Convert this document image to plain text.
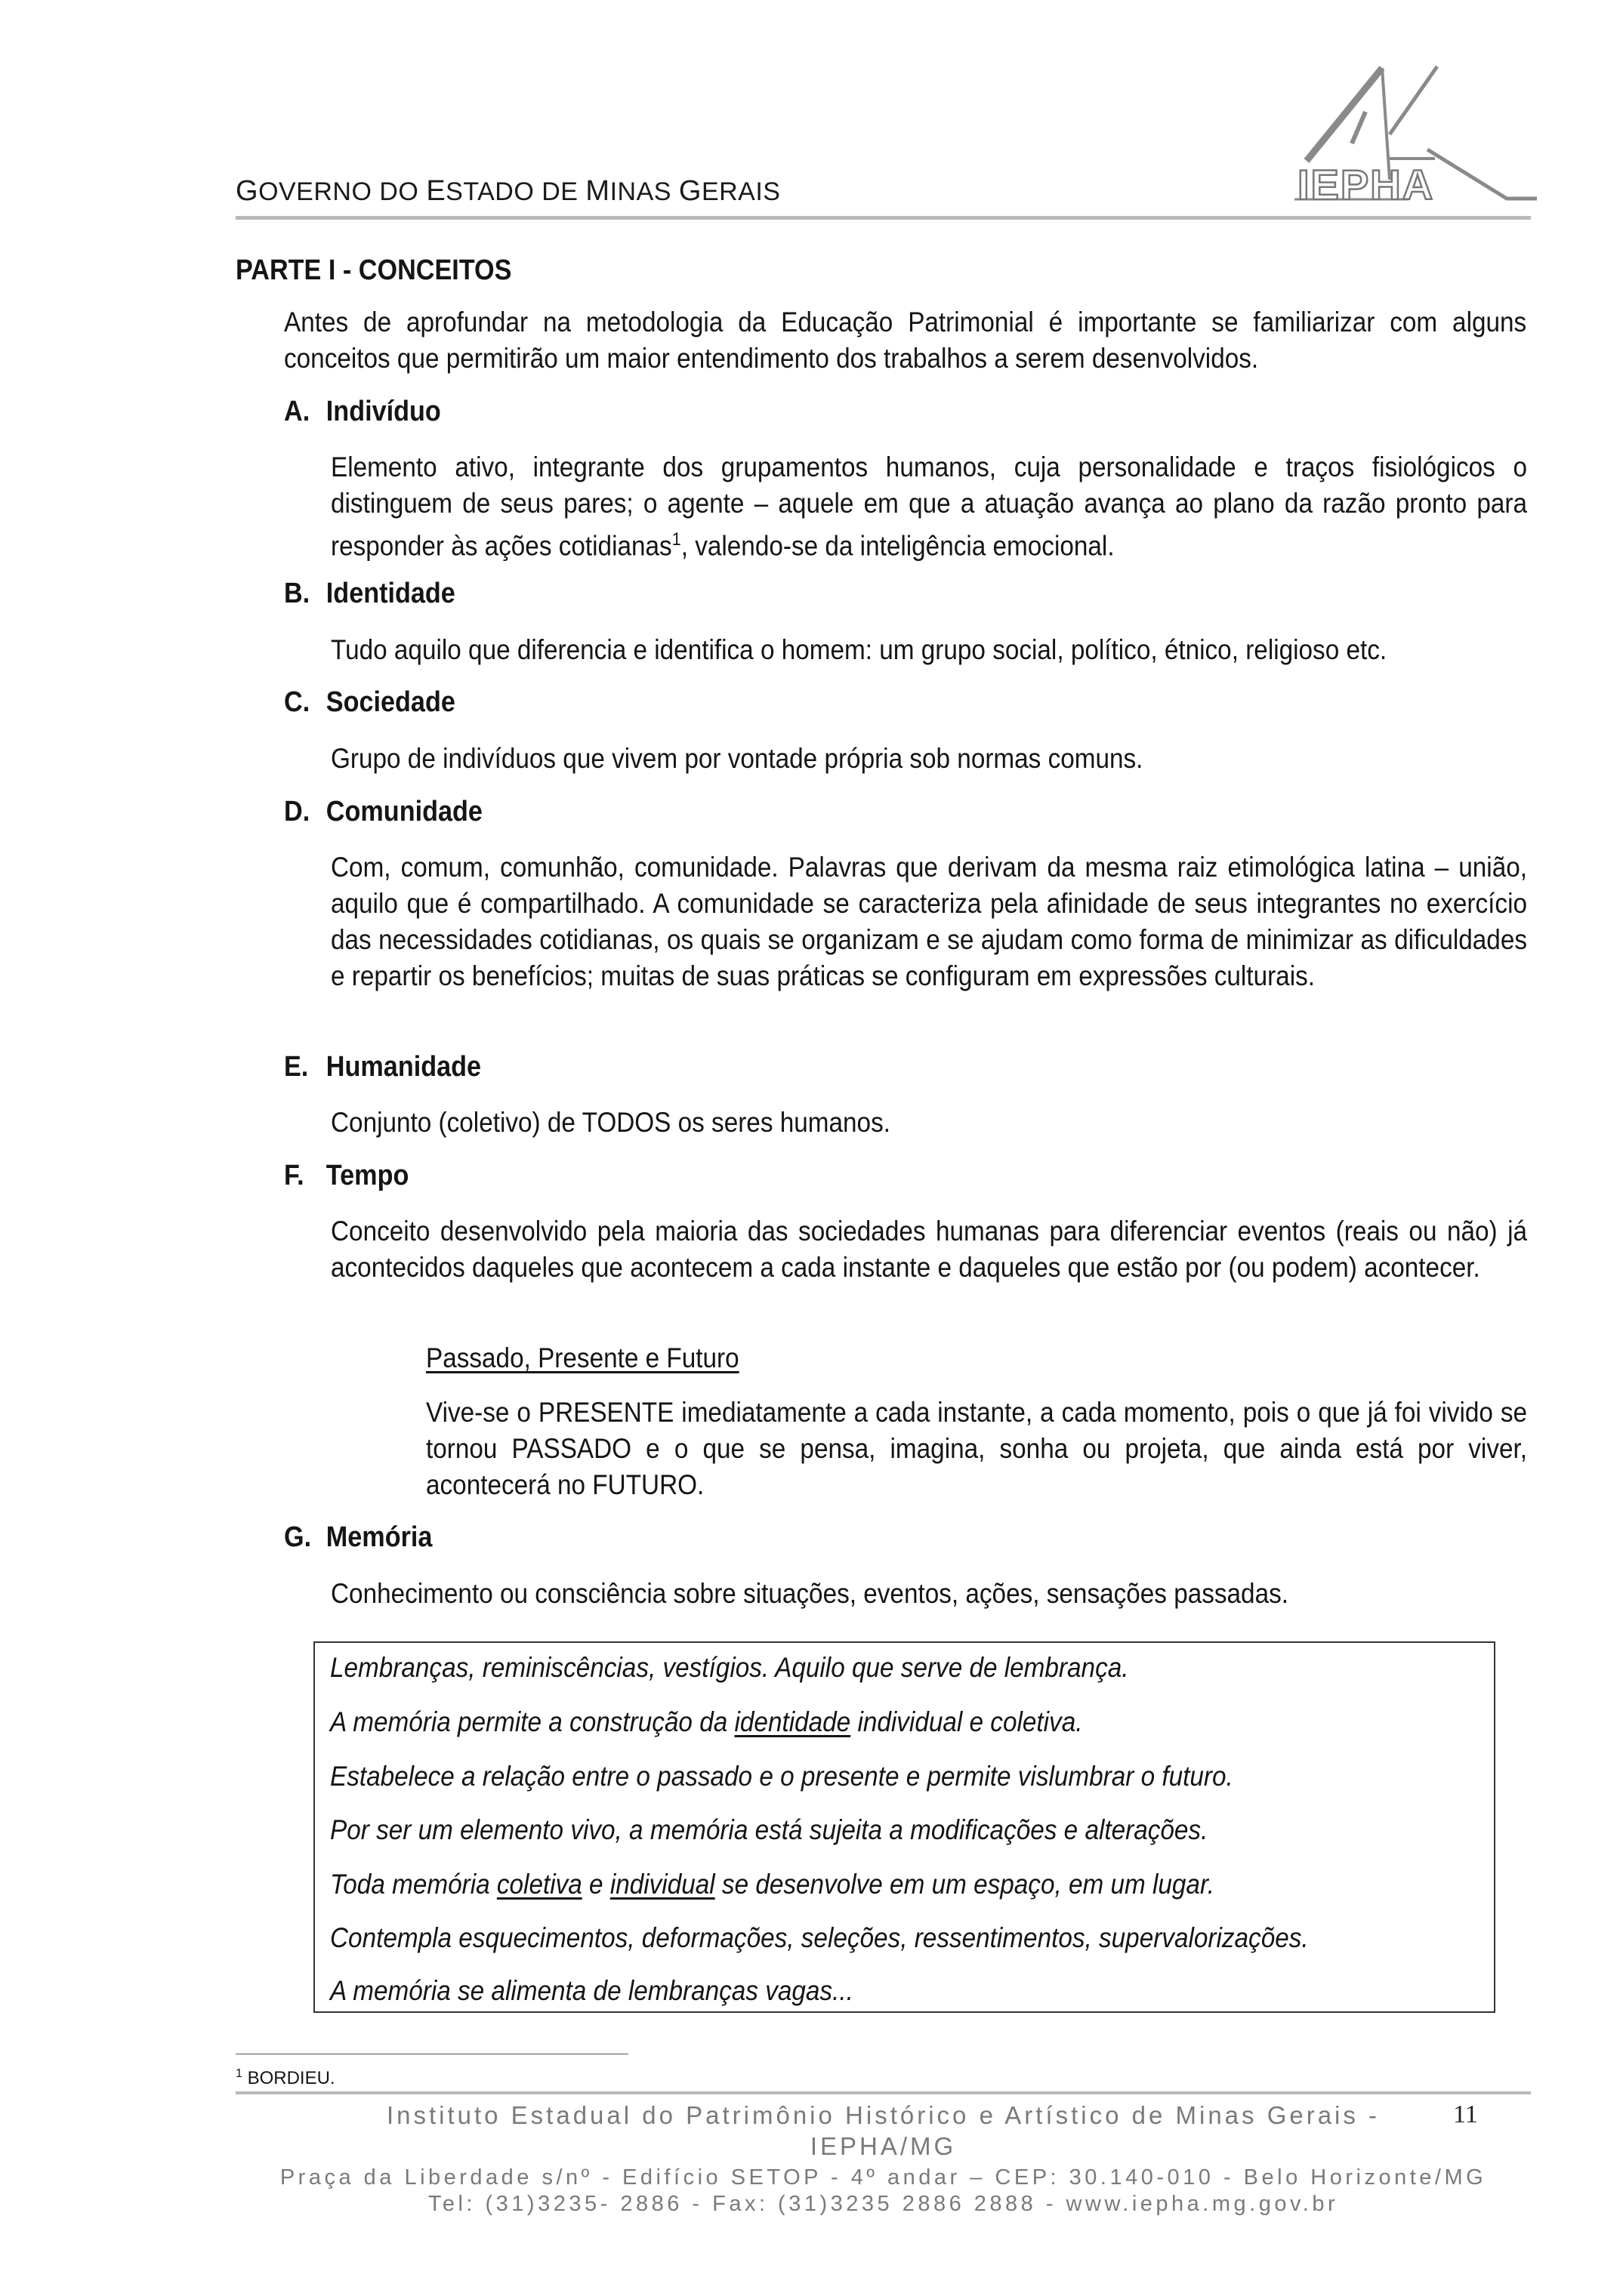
GOVERNO DO ESTADO DE MINAS GERAIS	IEPHA
PARTE I - CONCEITOS
Antes de aprofundar na metodologia da Educação Patrimonial é importante se familiarizar com alguns conceitos que permitirão um maior entendimento dos trabalhos a serem desenvolvidos.
A. Indivíduo
Elemento ativo, integrante dos grupamentos humanos, cuja personalidade e traços fisiológicos o distinguem de seus pares; o agente – aquele em que a atuação avança ao plano da razão pronto para responder às ações cotidianas$^1$, valendo-se da inteligência emocional.
B. Identidade
Tudo aquilo que diferencia e identifica o homem: um grupo social, político, étnico, religioso etc.
C. Sociedade
Grupo de indivíduos que vivem por vontade própria sob normas comuns.
D. Comunidade
Com, comum, comunhão, comunidade. Palavras que derivam da mesma raiz etimológica latina – união, aquilo que é compartilhado. A comunidade se caracteriza pela afinidade de seus integrantes no exercício das necessidades cotidianas, os quais se organizam e se ajudam como forma de minimizar as dificuldades e repartir os benefícios; muitas de suas práticas se configuram em expressões culturais.
E. Humanidade
Conjunto (coletivo) de TODOS os seres humanos.
F. Tempo
Conceito desenvolvido pela maioria das sociedades humanas para diferenciar eventos (reais ou não) já acontecidos daqueles que acontecem a cada instante e daqueles que estão por (ou podem) acontecer.
Passado, Presente e Futuro
Vive-se o PRESENTE imediatamente a cada instante, a cada momento, pois o que já foi vivido se tornou PASSADO e o que se pensa, imagina, sonha ou projeta, que ainda está por viver, acontecerá no FUTURO.
G. Memória
Conhecimento ou consciência sobre situações, eventos, ações, sensações passadas.
Lembranças, reminiscências, vestígios. Aquilo que serve de lembrança.
A memória permite a construção da identidade individual e coletiva.
Estabelece a relação entre o passado e o presente e permite vislumbrar o futuro.
Por ser um elemento vivo, a memória está sujeita a modificações e alterações.
Toda memória coletiva e individual se desenvolve em um espaço, em um lugar.
Contempla esquecimentos, deformações, seleções, ressentimentos, supervalorizações.
A memória se alimenta de lembranças vagas...
$^1$ BORDIEU.
Instituto Estadual do Patrimônio Histórico e Artístico de Minas Gerais -
IEPHA/MG
Praça da Liberdade s/nº - Edifício SETOP - 4º andar – CEP: 30.140-010 - Belo Horizonte/MG
Tel: (31)3235- 2886 - Fax: (31)3235 2886 2888 - www.iepha.mg.gov.br
11
